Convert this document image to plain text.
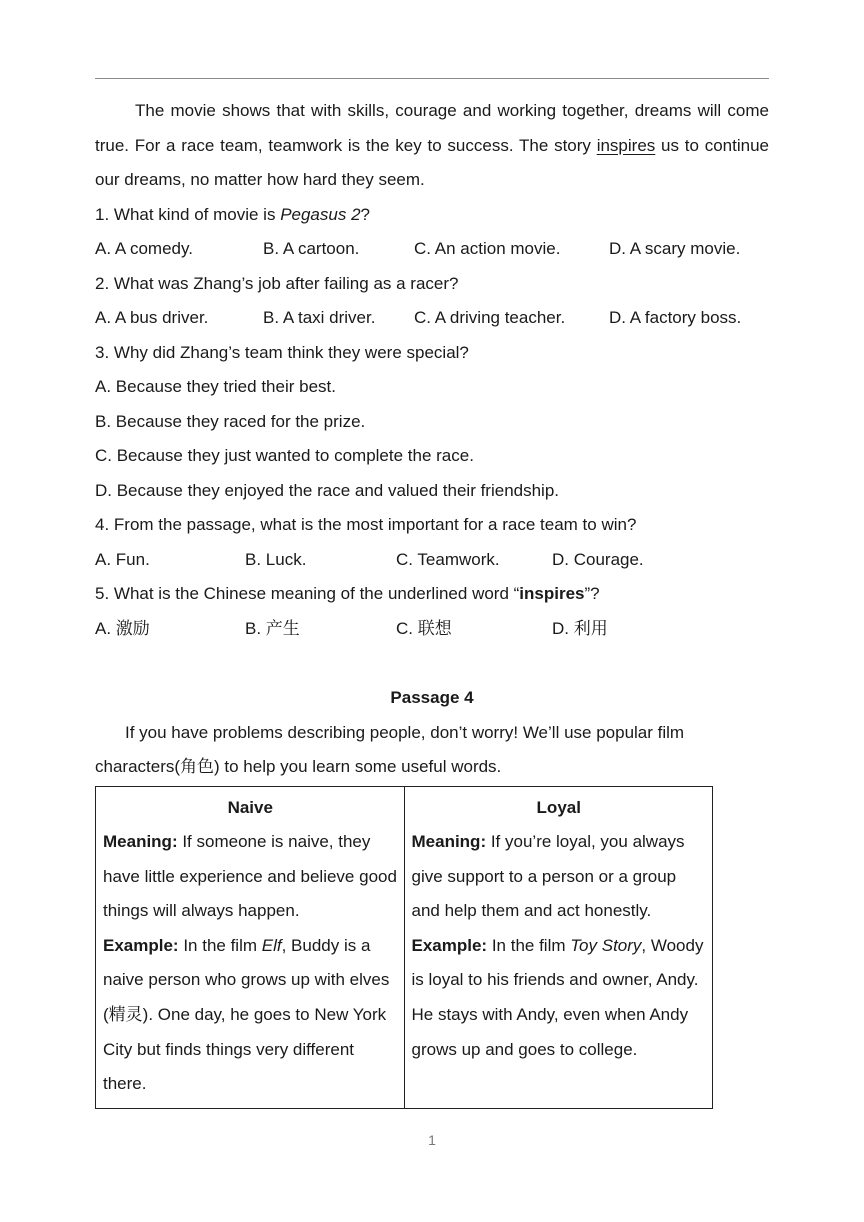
The movie shows that with skills, courage and working together, dreams will come true. For a race team, teamwork is the key to success. The story inspires us to continue our dreams, no matter how hard they seem.

1. What kind of movie is Pegasus 2?
A. A comedy.	B. A cartoon.	C. An action movie.	D. A scary movie.
2. What was Zhang’s job after failing as a racer?
A. A bus driver.	B. A taxi driver. C. A driving teacher.	D. A factory boss.
3. Why did Zhang’s team think they were special?
A. Because they tried their best.
B. Because they raced for the prize.
C. Because they just wanted to complete the race.
D. Because they enjoyed the race and valued their friendship.
4. From the passage, what is the most important for a race team to win?
A. Fun.	B. Luck.	C. Teamwork.	D. Courage.
5. What is the Chinese meaning of the underlined word “inspires”?
A. 激励	B. 产生	C. 联想	D. 利用
Passage 4

If you have problems describing people, don’t worry! We’ll use popular film characters(角色) to help you learn some useful words.

Naive
Meaning: If someone is naive, they have little experience and believe good things will always happen.
Example: In the film Elf, Buddy is a naive person who grows up with elves (精灵). One day, he goes to New York City but finds things very different there.

Loyal
Meaning: If you’re loyal, you always give support to a person or a group and help them and act honestly.
Example: In the film Toy Story, Woody is loyal to his friends and owner, Andy. He stays with Andy, even when Andy grows up and goes to college.
1
